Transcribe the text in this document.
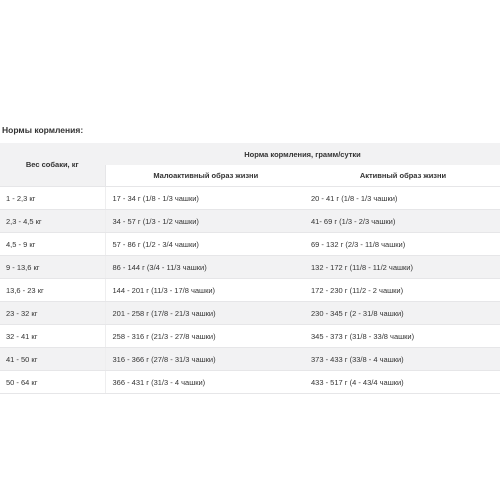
Нормы кормления:

Вес собаки, кг	Норма кормления, грамм/сутки	
	Малоактивный образ жизни	Активный образ жизни
1 - 2,3 кг	17 - 34 г (1/8 - 1/3 чашки)	20 - 41 г (1/8 - 1/3 чашки)
2,3 - 4,5 кг	34 - 57 г (1/3 - 1/2 чашки)	41- 69 г (1/3 - 2/3 чашки)
4,5 - 9 кг	57 - 86 г (1/2 - 3/4 чашки)	69 - 132 г (2/3 - 11/8 чашки)
9 - 13,6 кг	86 - 144 г (3/4 - 11/3 чашки)	132 - 172 г (11/8 - 11/2 чашки)
13,6 - 23 кг	144 - 201 г (11/3 - 17/8 чашки)	172 - 230 г (11/2 - 2 чашки)
23 - 32 кг	201 - 258 г (17/8 - 21/3 чашки)	230 - 345 г (2 - 31/8 чашки)
32 - 41 кг	258 - 316 г (21/3 - 27/8 чашки)	345 - 373 г (31/8 - 33/8 чашки)
41 - 50 кг	316 - 366 г (27/8 - 31/3 чашки)	373 - 433 г (33/8 - 4 чашки)
50 - 64 кг	366 - 431 г (31/3 - 4 чашки)	433 - 517 г (4 - 43/4 чашки)
